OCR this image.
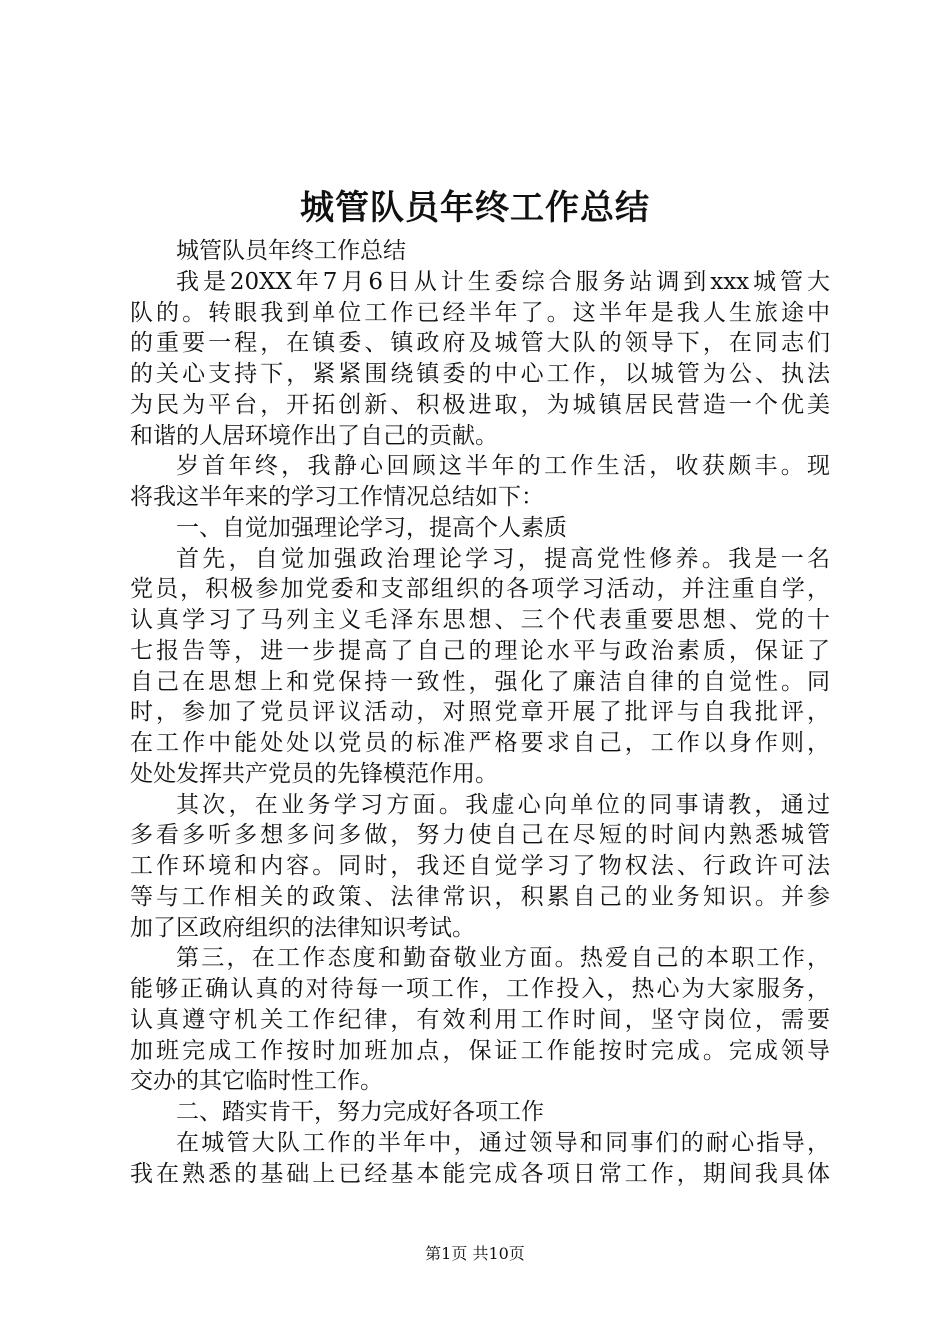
城管队员年终工作总结
城管队员年终工作总结
我是20XX年7月6日从计生委综合服务站调到xxx城管大
队的。转眼我到单位工作已经半年了。这半年是我人生旅途中
的重要一程，在镇委、镇政府及城管大队的领导下，在同志们
的关心支持下，紧紧围绕镇委的中心工作，以城管为公、执法
为民为平台，开拓创新、积极进取，为城镇居民营造一个优美
和谐的人居环境作出了自己的贡献。
岁首年终，我静心回顾这半年的工作生活，收获颇丰。现
将我这半年来的学习工作情况总结如下：
一、自觉加强理论学习，提高个人素质
首先，自觉加强政治理论学习，提高党性修养。我是一名
党员，积极参加党委和支部组织的各项学习活动，并注重自学，
认真学习了马列主义毛泽东思想、三个代表重要思想、党的十
七报告等，进一步提高了自己的理论水平与政治素质，保证了
自己在思想上和党保持一致性，强化了廉洁自律的自觉性。同
时，参加了党员评议活动，对照党章开展了批评与自我批评，
在工作中能处处以党员的标准严格要求自己，工作以身作则，
处处发挥共产党员的先锋模范作用。
其次，在业务学习方面。我虚心向单位的同事请教，通过
多看多听多想多问多做，努力使自己在尽短的时间内熟悉城管
工作环境和内容。同时，我还自觉学习了物权法、行政许可法
等与工作相关的政策、法律常识，积累自己的业务知识。并参
加了区政府组织的法律知识考试。
第三，在工作态度和勤奋敬业方面。热爱自己的本职工作，
能够正确认真的对待每一项工作，工作投入，热心为大家服务，
认真遵守机关工作纪律，有效利用工作时间，坚守岗位，需要
加班完成工作按时加班加点，保证工作能按时完成。完成领导
交办的其它临时性工作。
二、踏实肯干，努力完成好各项工作
在城管大队工作的半年中，通过领导和同事们的耐心指导，
我在熟悉的基础上已经基本能完成各项日常工作，期间我具体
第1页 共10页
